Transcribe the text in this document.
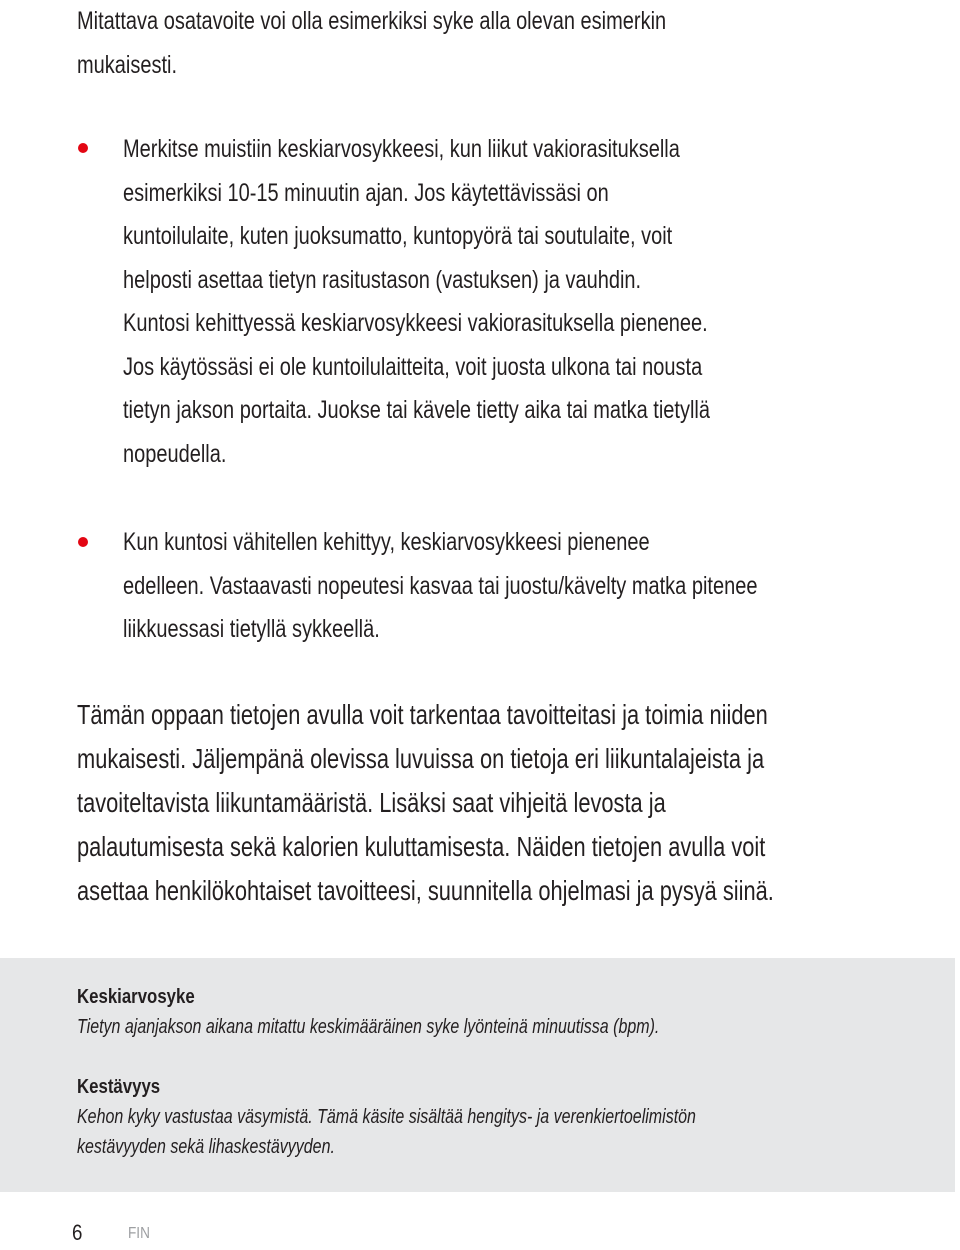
Mitattava osatavoite voi olla esimerkiksi syke alla olevan esimerkin
mukaisesti.
Merkitse muistiin keskiarvosykkeesi, kun liikut vakiorasituksella
esimerkiksi 10-15 minuutin ajan. Jos käytettävissäsi on
kuntoilulaite, kuten juoksumatto, kuntopyörä tai soutulaite, voit
helposti asettaa tietyn rasitustason (vastuksen) ja vauhdin.
Kuntosi kehittyessä keskiarvosykkeesi vakiorasituksella pienenee.
Jos käytössäsi ei ole kuntoilulaitteita, voit juosta ulkona tai nousta
tietyn jakson portaita. Juokse tai kävele tietty aika tai matka tietyllä
nopeudella.
Kun kuntosi vähitellen kehittyy, keskiarvosykkeesi pienenee
edelleen. Vastaavasti nopeutesi kasvaa tai juostu/kävelty matka pitenee
liikkuessasi tietyllä sykkeellä.
Tämän oppaan tietojen avulla voit tarkentaa tavoitteitasi ja toimia niiden
mukaisesti. Jäljempänä olevissa luvuissa on tietoja eri liikuntalajeista ja
tavoiteltavista liikuntamääristä. Lisäksi saat vihjeitä levosta ja
palautumisesta sekä kalorien kuluttamisesta. Näiden tietojen avulla voit
asettaa henkilökohtaiset tavoitteesi, suunnitella ohjelmasi ja pysyä siinä.
Keskiarvosyke
Tietyn ajanjakson aikana mitattu keskimääräinen syke lyönteinä minuutissa (bpm).
Kestävyys
Kehon kyky vastustaa väsymistä. Tämä käsite sisältää hengitys- ja verenkiertoelimistön
kestävyyden sekä lihaskestävyyden.
6	FIN
